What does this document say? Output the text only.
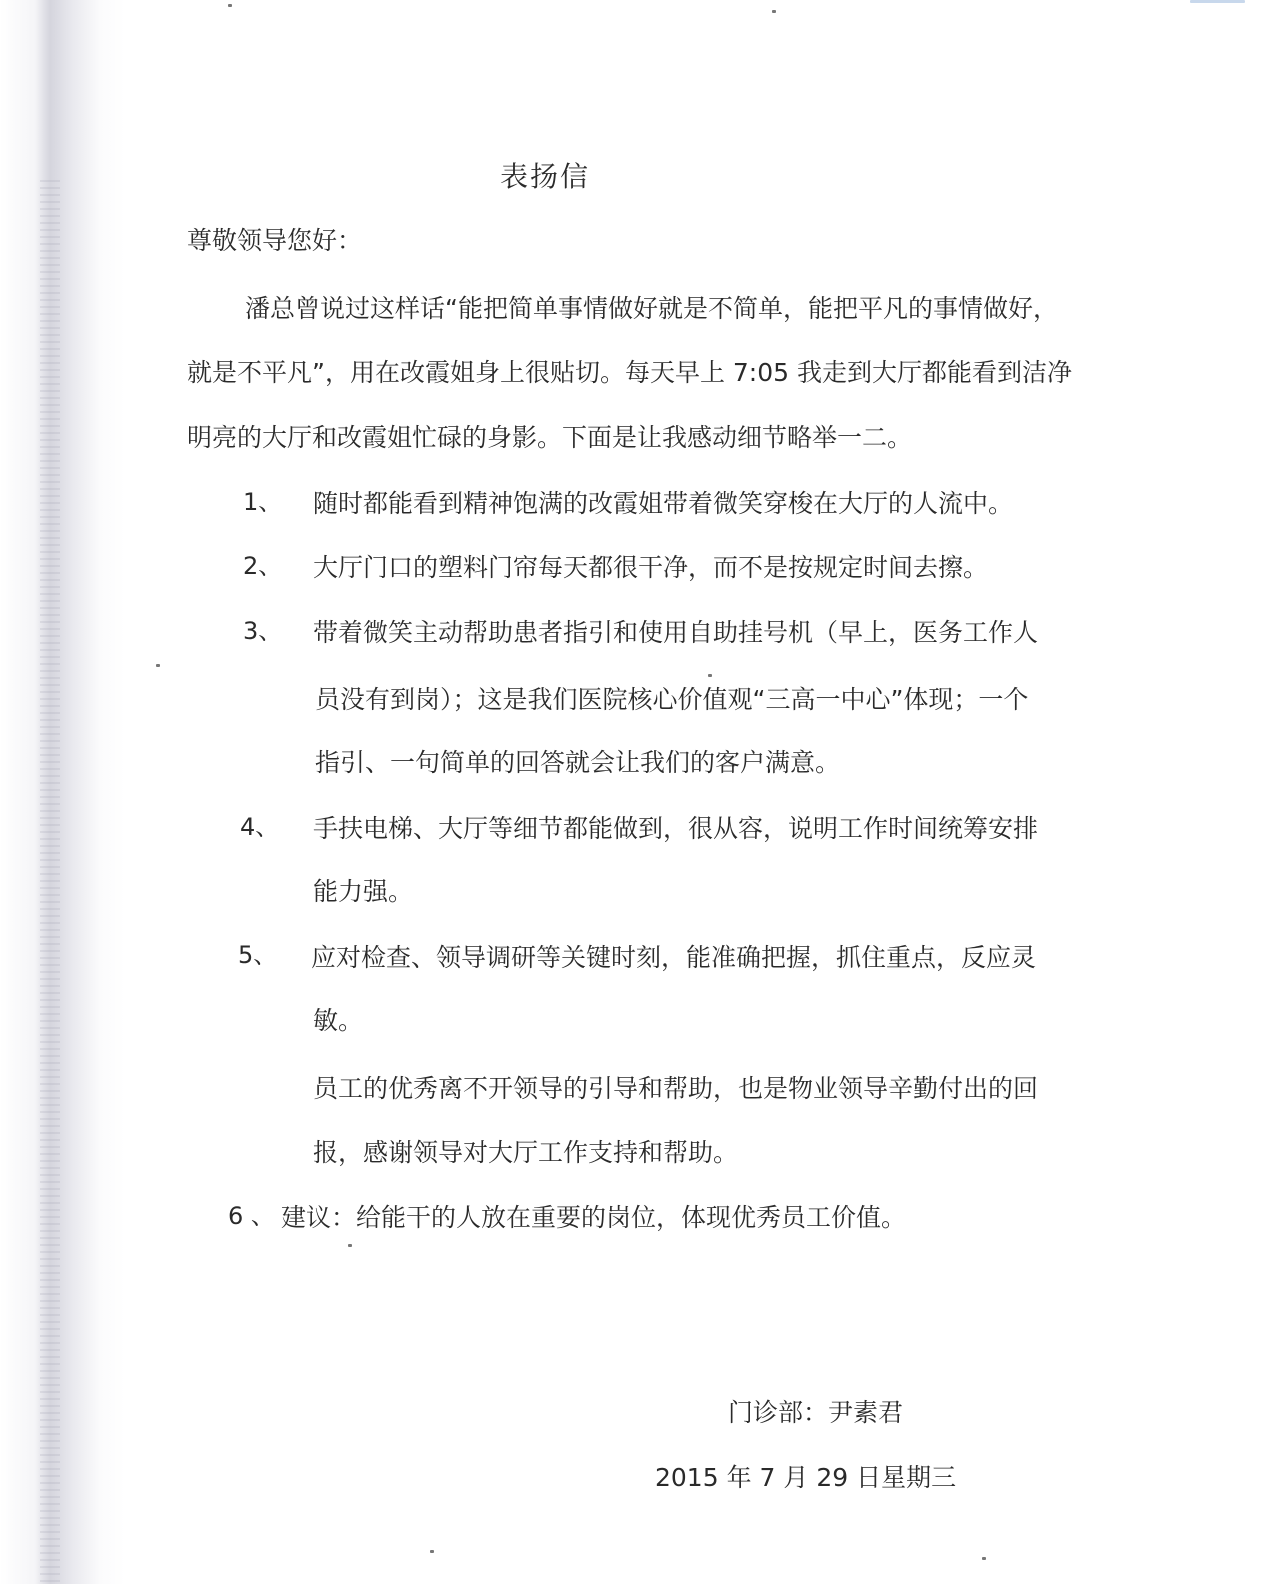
表扬信
尊敬领导您好：
潘总曾说过这样话“能把简单事情做好就是不简单，能把平凡的事情做好，
就是不平凡”，用在改霞姐身上很贴切。每天早上 7:05 我走到大厅都能看到洁净
明亮的大厅和改霞姐忙碌的身影。下面是让我感动细节略举一二。
1、 随时都能看到精神饱满的改霞姐带着微笑穿梭在大厅的人流中。
2、 大厅门口的塑料门帘每天都很干净，而不是按规定时间去擦。
3、 带着微笑主动帮助患者指引和使用自助挂号机（早上，医务工作人
员没有到岗）；这是我们医院核心价值观“三高一中心”体现；一个
指引、一句简单的回答就会让我们的客户满意。
4、 手扶电梯、大厅等细节都能做到，很从容，说明工作时间统筹安排
能力强。
5、 应对检查、领导调研等关键时刻，能准确把握，抓住重点，反应灵
敏。
员工的优秀离不开领导的引导和帮助，也是物业领导辛勤付出的回
报，感谢领导对大厅工作支持和帮助。
6 、 建议：给能干的人放在重要的岗位，体现优秀员工价值。
门诊部：尹素君
2015 年 7 月 29 日星期三
